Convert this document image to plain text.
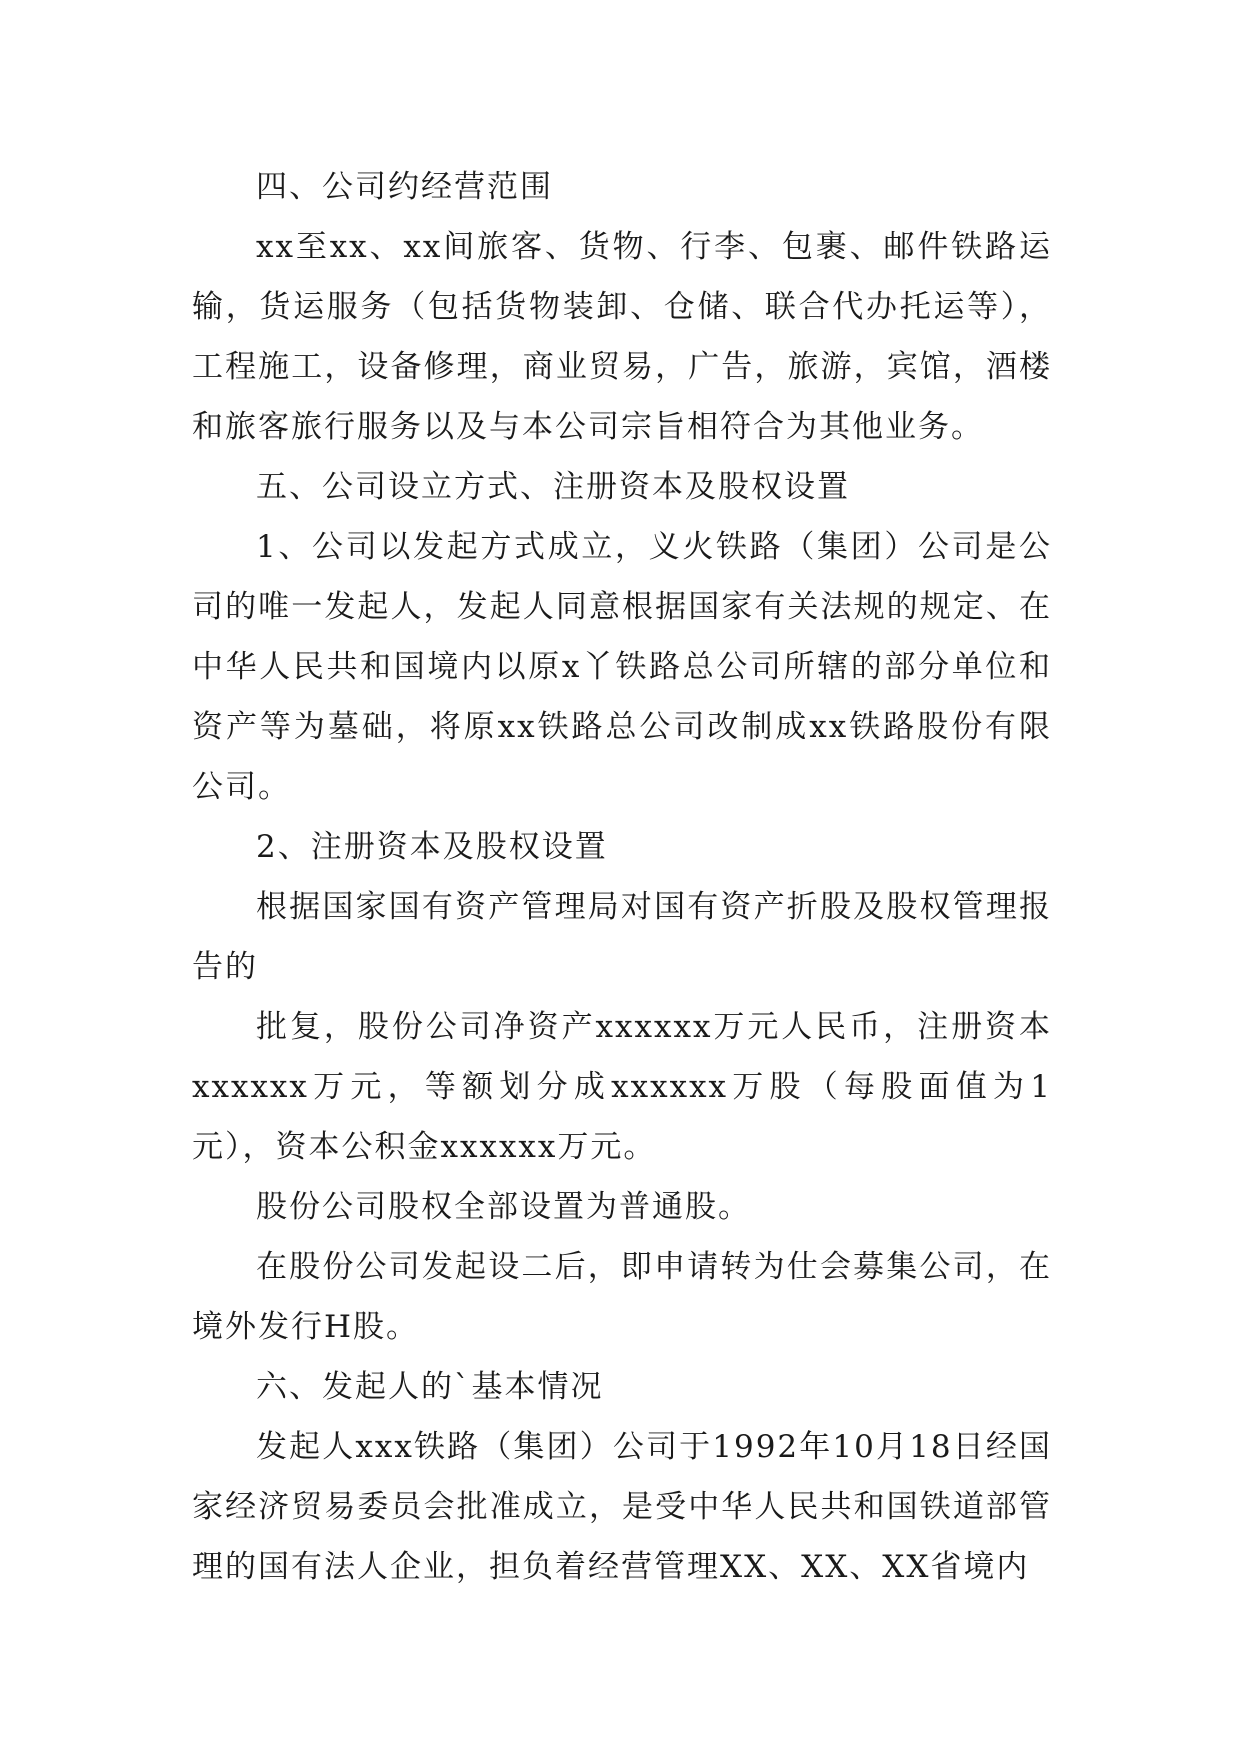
四、公司约经营范围

xx至xx、xx间旅客、货物、行李、包裹、邮件铁路运输，货运服务（包括货物装卸、仓储、联合代办托运等），工程施工，设备修理，商业贸易，广告，旅游，宾馆，酒楼和旅客旅行服务以及与本公司宗旨相符合为其他业务。

五、公司设立方式、注册资本及股权设置

1、公司以发起方式成立，义火铁路（集团）公司是公司的唯一发起人，发起人同意根据国家有关法规的规定、在中华人民共和国境内以原x丫铁路总公司所辖的部分单位和资产等为墓础，将原xx铁路总公司改制成xx铁路股份有限公司。

2、注册资本及股权设置

根据国家国有资产管理局对国有资产折股及股权管理报告的

批复，股份公司净资产xxxxxx万元人民币，注册资本xxxxxx万元，等额划分成xxxxxx万股（每股面值为1元），资本公积金xxxxxx万元。

股份公司股权全部设置为普通股。

在股份公司发起设二后，即申请转为仕会募集公司，在境外发行H股。

六、发起人的`基本情况

发起人xxx铁路（集团）公司于1992年10月18日经国家经济贸易委员会批准成立，是受中华人民共和国铁道部管理的国有法人企业，担负着经营管理XX、XX、XX省境内
